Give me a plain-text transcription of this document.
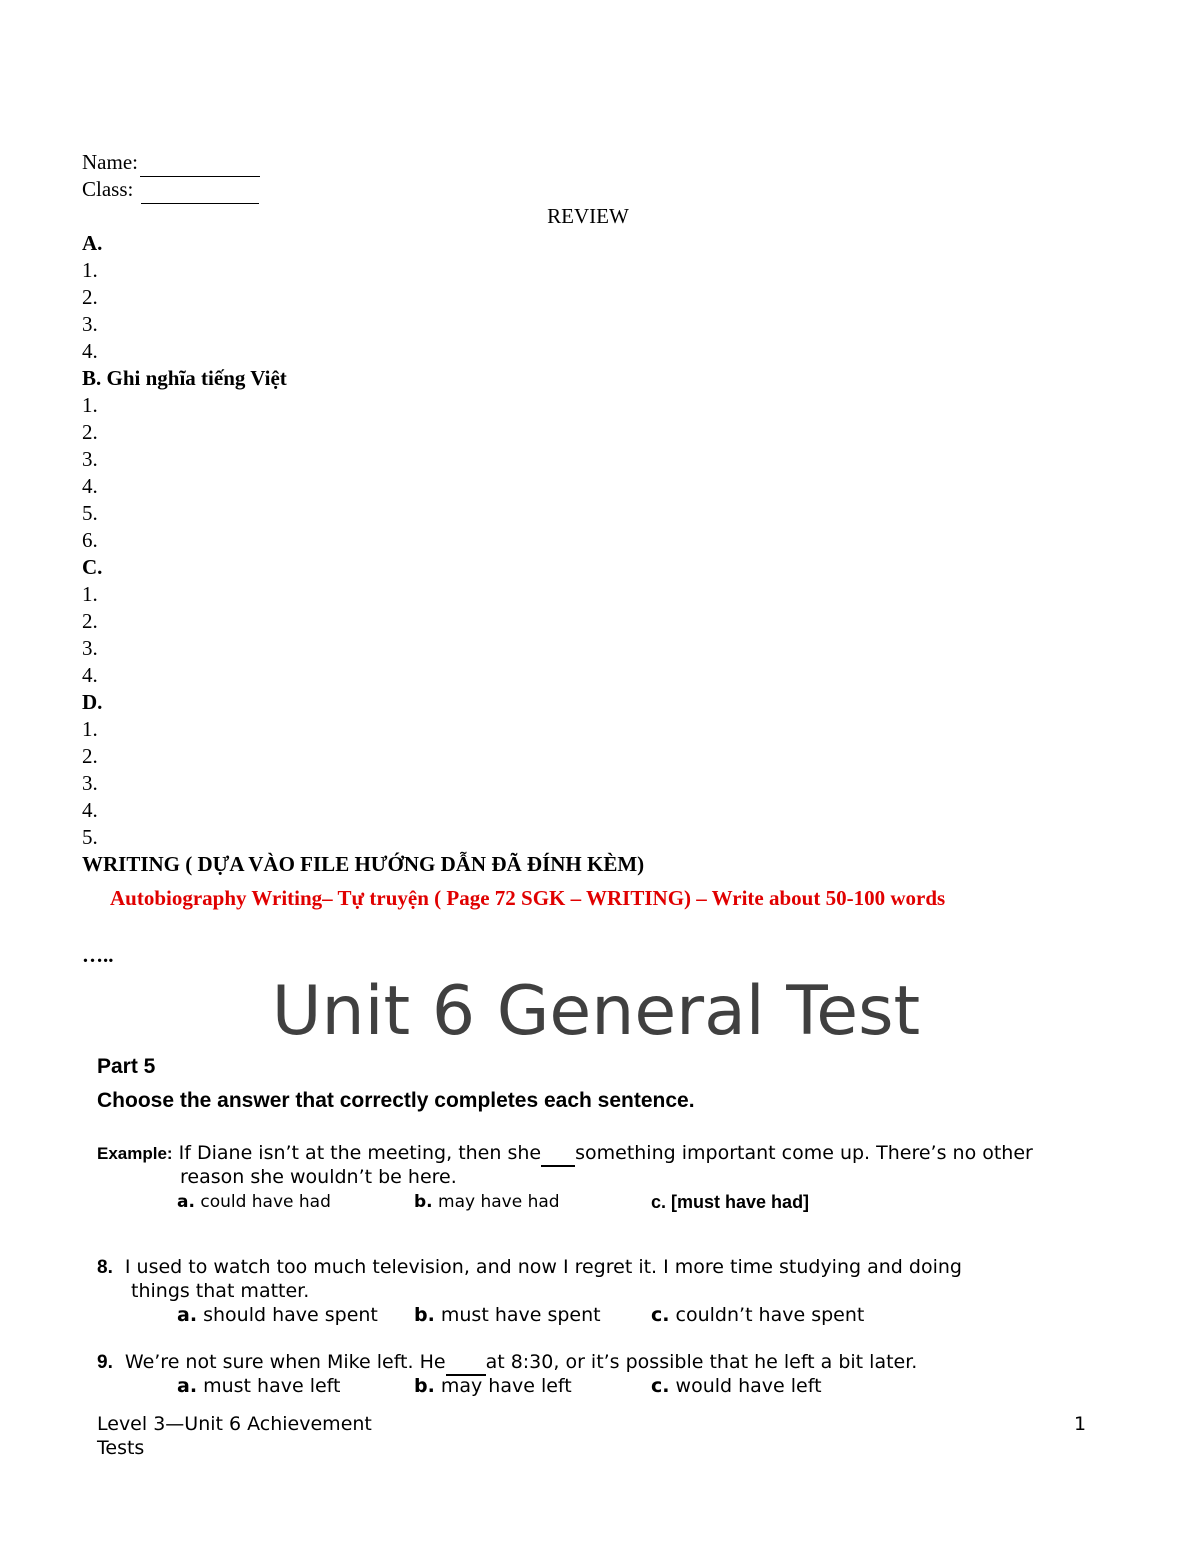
Name:
Class:
REVIEW
A.
1.
2.
3.
4.
B. Ghi nghĩa tiếng Việt
1.
2.
3.
4.
5.
6.
C.
1.
2.
3.
4.
D.
1.
2.
3.
4.
5.
WRITING ( DỰA VÀO FILE HƯỚNG DẪN ĐÃ ĐÍNH KÈM)
Autobiography Writing– Tự truyện ( Page 72 SGK – WRITING) – Write about 50-100 words
…..
Unit 6 General Test
Part 5
Choose the answer that correctly completes each sentence.
Example: If Diane isn’t at the meeting, then she something important come up. There’s no other
reason she wouldn’t be here.
a. could have had	b. may have had	c. [must have had]
8. I used to watch too much television, and now I regret it. I more time studying and doing
things that matter.
a. should have spent b. must have spent	c. couldn’t have spent
9. We’re not sure when Mike left. He at 8:30, or it’s possible that he left a bit later.
a. must have left	b. may have left	c. would have left
Level 3—Unit 6 Achievement
Tests
1
